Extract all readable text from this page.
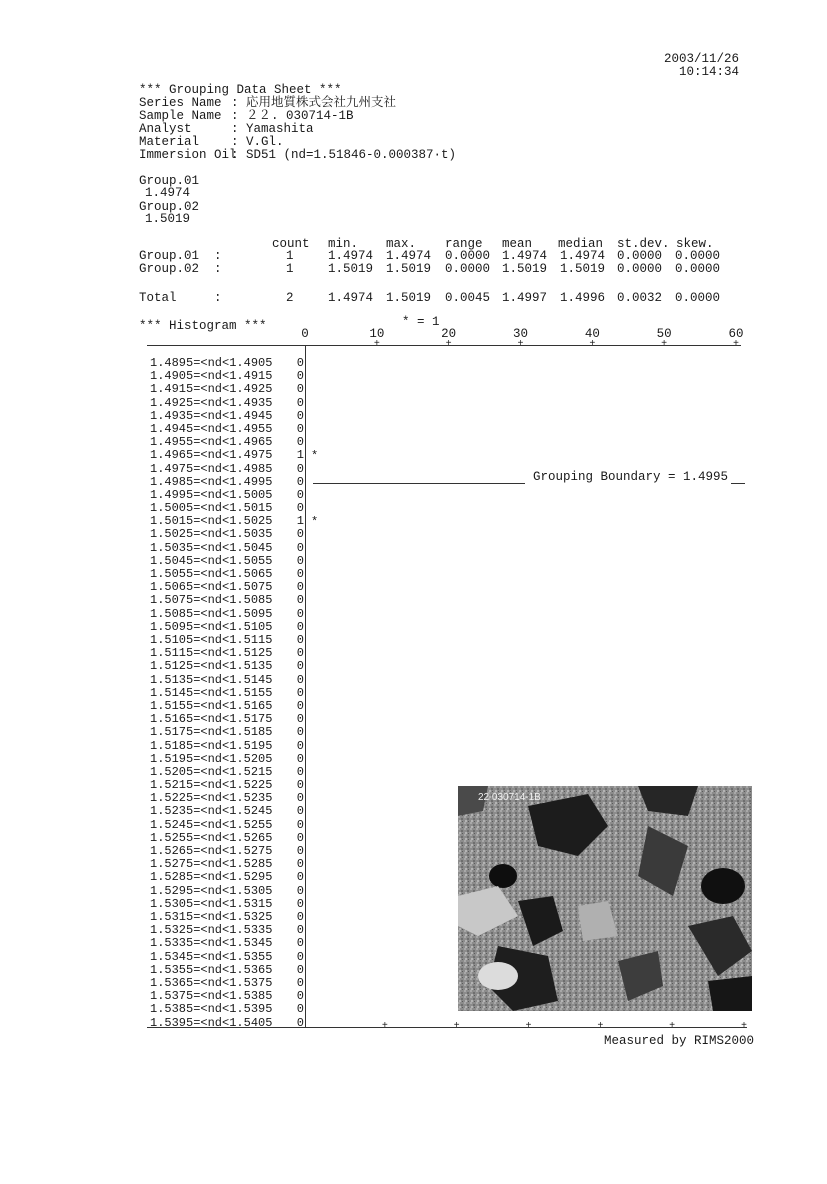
2003/11/26
10:14:34
*** Grouping Data Sheet ***
Series Name : 応用地質株式会社九州支社
Sample Name : ２２. 030714-1B
Analyst : Yamashita
Material : V.Gl.
Immersion Oil
: SD51 (nd=1.51846-0.000387·t)
Group.01
1.4974
Group.02
1.5019
count min. max. range mean median st.dev. skew.
Group.01  :	1	1.4974 1.4974 0.0000 1.4974 1.4974 0.0000 0.0000
Group.02  :	1	1.5019 1.5019 0.0000 1.5019 1.5019 0.0000 0.0000
Total     :	2	1.4974 1.5019 0.0045 1.4997 1.4996 0.0032 0.0000
*** Histogram ***	* = 1
0	10	20	30	40	50	60
+
+
+
+
+
+
+
+
+
+
+
+
1.4895=<nd<1.4905 0
1.4905=<nd<1.4915 0
1.4915=<nd<1.4925 0
1.4925=<nd<1.4935 0
1.4935=<nd<1.4945 0
1.4945=<nd<1.4955 0
1.4955=<nd<1.4965 0
1.4965=<nd<1.4975 1 *
1.4975=<nd<1.4985 0
1.4985=<nd<1.4995 0
1.4995=<nd<1.5005 0
1.5005=<nd<1.5015 0
1.5015=<nd<1.5025 1 *
1.5025=<nd<1.5035 0
1.5035=<nd<1.5045 0
1.5045=<nd<1.5055 0
1.5055=<nd<1.5065 0
1.5065=<nd<1.5075 0
1.5075=<nd<1.5085 0
1.5085=<nd<1.5095 0
1.5095=<nd<1.5105 0
1.5105=<nd<1.5115 0
1.5115=<nd<1.5125 0
1.5125=<nd<1.5135 0
1.5135=<nd<1.5145 0
1.5145=<nd<1.5155 0
1.5155=<nd<1.5165 0
1.5165=<nd<1.5175 0
1.5175=<nd<1.5185 0
1.5185=<nd<1.5195 0
1.5195=<nd<1.5205 0
1.5205=<nd<1.5215 0
1.5215=<nd<1.5225 0
1.5225=<nd<1.5235 0
1.5235=<nd<1.5245 0
1.5245=<nd<1.5255 0
1.5255=<nd<1.5265 0
1.5265=<nd<1.5275 0
1.5275=<nd<1.5285 0
1.5285=<nd<1.5295 0
1.5295=<nd<1.5305 0
1.5305=<nd<1.5315 0
1.5315=<nd<1.5325 0
1.5325=<nd<1.5335 0
1.5335=<nd<1.5345 0
1.5345=<nd<1.5355 0
1.5355=<nd<1.5365 0
1.5365=<nd<1.5375 0
1.5375=<nd<1.5385 0
1.5385=<nd<1.5395 0
1.5395=<nd<1.5405 0
Grouping Boundary = 1.4995
22 030714-1B
Measured by RIMS2000
